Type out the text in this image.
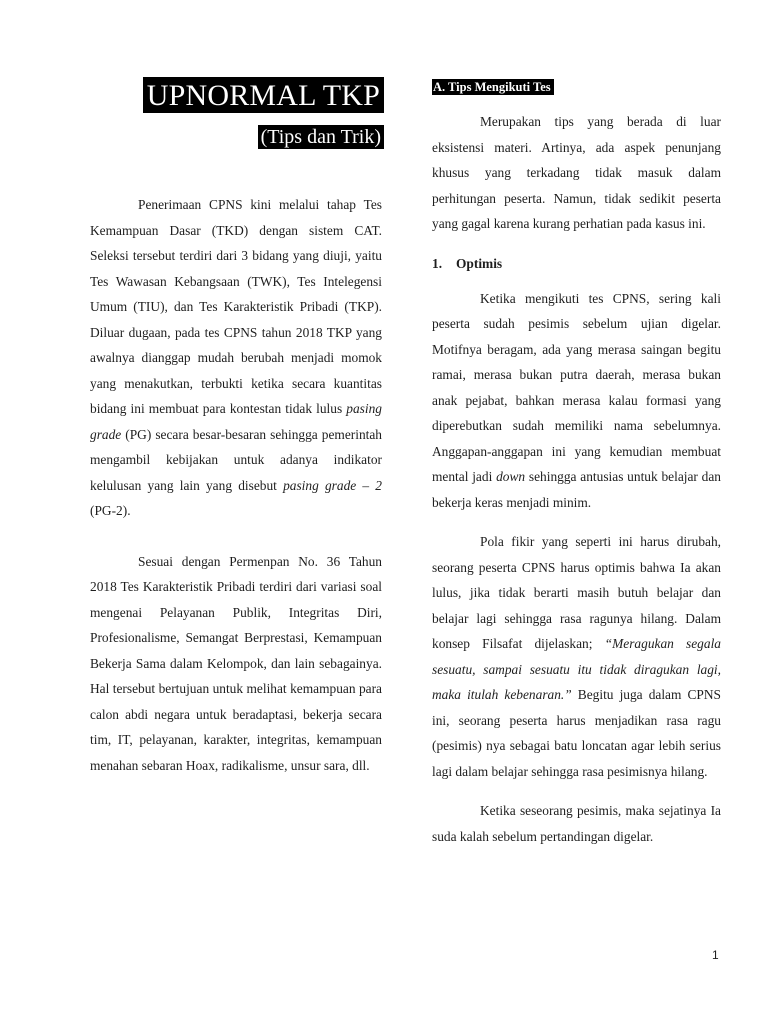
UPNORMAL TKP
(Tips dan Trik)

Penerimaan CPNS kini melalui tahap Tes Kemampuan Dasar (TKD) dengan sistem CAT. Seleksi tersebut terdiri dari 3 bidang yang diuji, yaitu Tes Wawasan Kebangsaan (TWK), Tes Intelegensi Umum (TIU), dan Tes Karakteristik Pribadi (TKP). Diluar dugaan, pada tes CPNS tahun 2018 TKP yang awalnya dianggap mudah berubah menjadi momok yang menakutkan, terbukti ketika secara kuantitas bidang ini membuat para kontestan tidak lulus pasing grade (PG) secara besar-besaran sehingga pemerintah mengambil kebijakan untuk adanya indikator kelulusan yang lain yang disebut pasing grade – 2 (PG-2).

Sesuai dengan Permenpan No. 36 Tahun 2018 Tes Karakteristik Pribadi terdiri dari variasi soal mengenai Pelayanan Publik, Integritas Diri, Profesionalisme, Semangat Berprestasi, Kemampuan Bekerja Sama dalam Kelompok, dan lain sebagainya. Hal tersebut bertujuan untuk melihat kemampuan para calon abdi negara untuk beradaptasi, bekerja secara tim, IT, pelayanan, karakter, integritas, kemampuan menahan sebaran Hoax, radikalisme, unsur sara, dll.

A. Tips Mengikuti Tes

Merupakan tips yang berada di luar eksistensi materi. Artinya, ada aspek penunjang khusus yang terkadang tidak masuk dalam perhitungan peserta. Namun, tidak sedikit peserta yang gagal karena kurang perhatian pada kasus ini.

1. Optimis

Ketika mengikuti tes CPNS, sering kali peserta sudah pesimis sebelum ujian digelar. Motifnya beragam, ada yang merasa saingan begitu ramai, merasa bukan putra daerah, merasa bukan anak pejabat, bahkan merasa kalau formasi yang diperebutkan sudah memiliki nama sebelumnya. Anggapan-anggapan ini yang kemudian membuat mental jadi down sehingga antusias untuk belajar dan bekerja keras menjadi minim.

Pola fikir yang seperti ini harus dirubah, seorang peserta CPNS harus optimis bahwa Ia akan lulus, jika tidak berarti masih butuh belajar dan belajar lagi sehingga rasa ragunya hilang. Dalam konsep Filsafat dijelaskan; “Meragukan segala sesuatu, sampai sesuatu itu tidak diragukan lagi, maka itulah kebenaran.” Begitu juga dalam CPNS ini, seorang peserta harus menjadikan rasa ragu (pesimis) nya sebagai batu loncatan agar lebih serius lagi dalam belajar sehingga rasa pesimisnya hilang.

Ketika seseorang pesimis, maka sejatinya Ia suda kalah sebelum pertandingan digelar.

1
